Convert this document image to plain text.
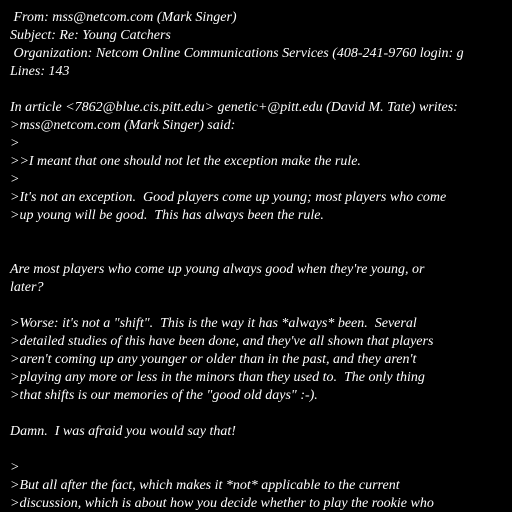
From: mss@netcom.com (Mark Singer)
Subject: Re: Young Catchers
Organization: Netcom Online Communications Services (408-241-9760 login: g
Lines: 143
In article <7862@blue.cis.pitt.edu> genetic+@pitt.edu (David M. Tate) writes:
>mss@netcom.com (Mark Singer) said:
>
>>I meant that one should not let the exception make the rule.
>
>It's not an exception.  Good players come up young; most players who come
>up young will be good.  This has always been the rule.
Are most players who come up young always good when they're young, or
later?
>Worse: it's not a "shift".  This is the way it has *always* been.  Several
>detailed studies of this have been done, and they've all shown that players
>aren't coming up any younger or older than in the past, and they aren't
>playing any more or less in the minors than they used to.  The only thing
>that shifts is our memories of the "good old days" :-).
Damn.  I was afraid you would say that!
>
>But all after the fact, which makes it *not* applicable to the current
>discussion, which is about how you decide whether to play the rookie who
